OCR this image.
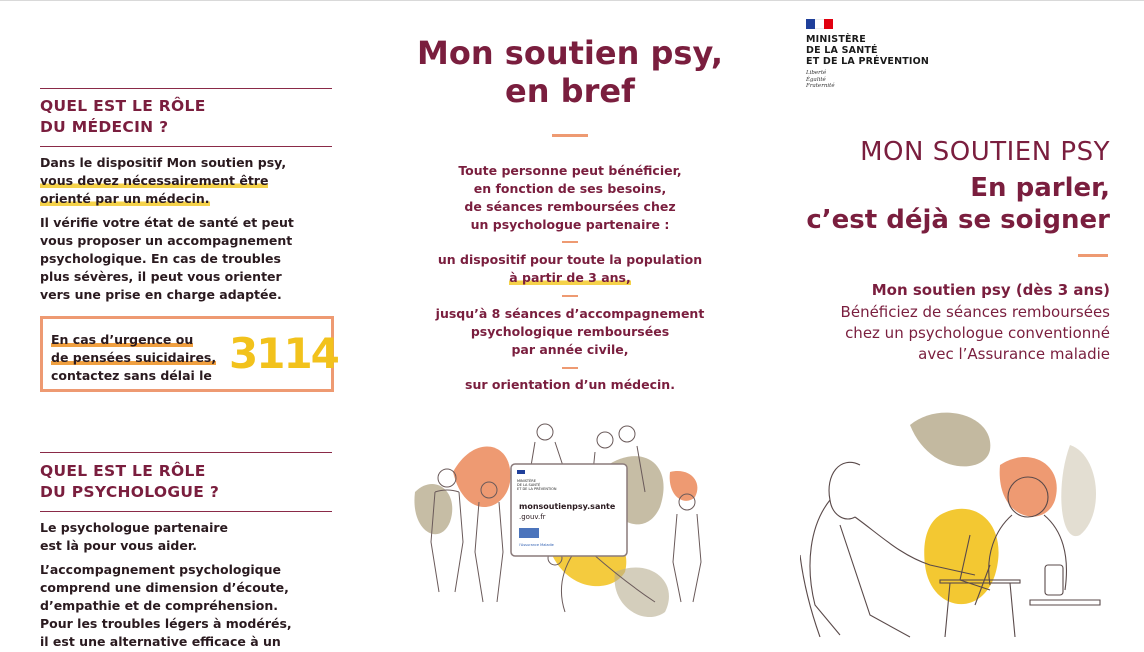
QUEL EST LE RÔLE
DU MÉDECIN ?

Dans le dispositif Mon soutien psy,
vous devez nécessairement être
orienté par un médecin.

Il vérifie votre état de santé et peut
vous proposer un accompagnement
psychologique. En cas de troubles
plus sévères, il peut vous orienter
vers une prise en charge adaptée.

En cas d’urgence ou
de pensées suicidaires,
contactez sans délai le 3114
QUEL EST LE RÔLE
DU PSYCHOLOGUE ?

Le psychologue partenaire
est là pour vous aider.

L’accompagnement psychologique
comprend une dimension d’écoute,
d’empathie et de compréhension.
Pour les troubles légers à modérés,
il est une alternative efficace à un

Mon soutien psy,
en bref

Toute personne peut bénéficier,
en fonction de ses besoins,
de séances remboursées chez
un psychologue partenaire :

un dispositif pour toute la population
à partir de 3 ans,

jusqu’à 8 séances d’accompagnement
psychologique remboursées
par année civile,

sur orientation d’un médecin.

MINISTÈRE
DE LA SANTÉ
ET DE LA PRÉVENTION
monsoutienpsy.sante
.gouv.fr
l'Assurance Maladie

MINISTÈRE
DE LA SANTÉ
ET DE LA PRÉVENTION

Liberté
Égalité
Fraternité

MON SOUTIEN PSY

En parler,
c’est déjà se soigner

Mon soutien psy (dès 3 ans)

Bénéficiez de séances remboursées
chez un psychologue conventionné
avec l’Assurance maladie
